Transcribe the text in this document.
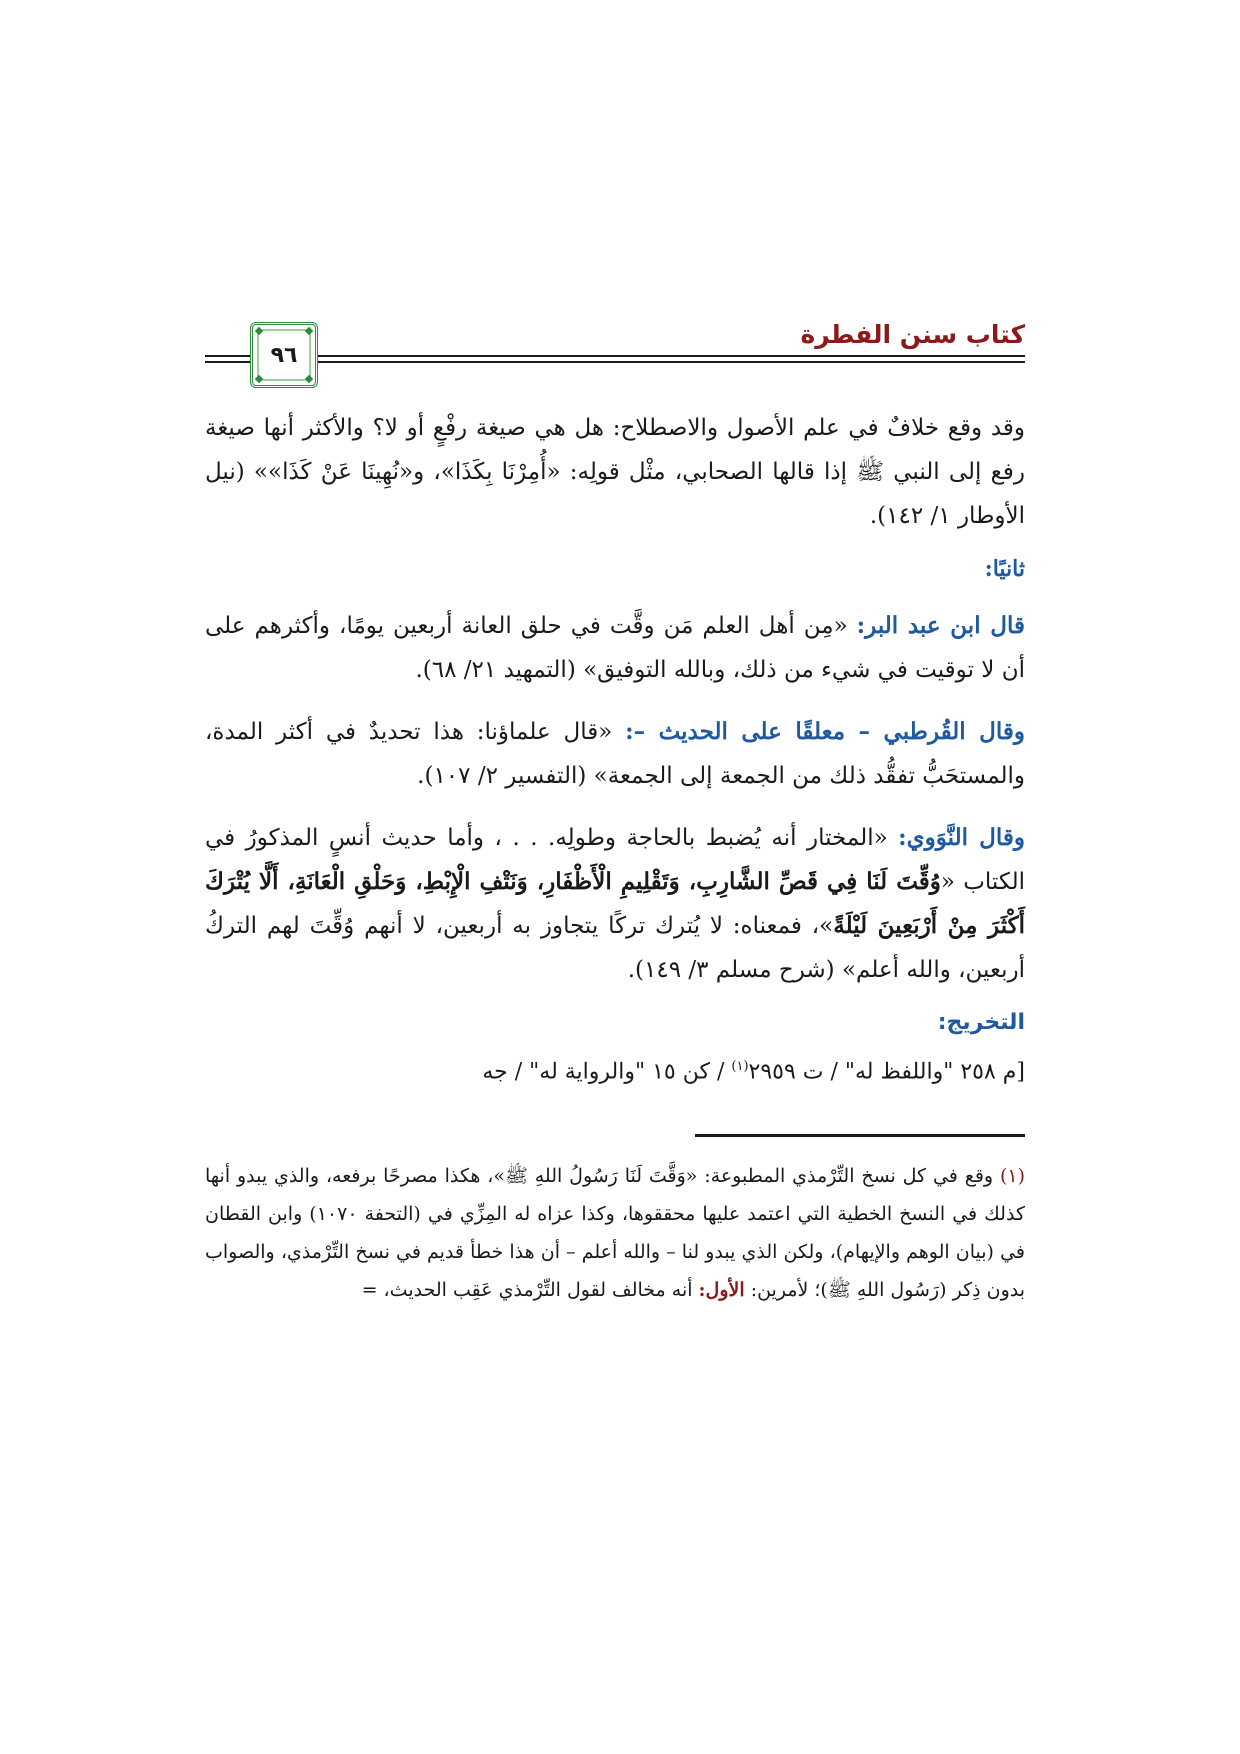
كتاب سنن الفطرة
٩٦

وقد وقع خلافٌ في علم الأصول والاصطلاح: هل هي صيغة رفْعٍ أو لا؟ والأكثر أنها صيغة رفع إلى النبي ﷺ إذا قالها الصحابي، مثْل قولِه: «أُمِرْنَا بِكَذَا»، و«نُهِينَا عَنْ كَذَا»» (نيل الأوطار ١/ ١٤٢).

ثانيًا:

قال ابن عبد البر: «مِن أهل العلم مَن وقَّت في حلق العانة أربعين يومًا، وأكثرهم على أن لا توقيت في شيء من ذلك، وبالله التوفيق» (التمهيد ٢١/ ٦٨).

وقال القُرطبي – معلقًا على الحديث –: «قال علماؤنا: هذا تحديدٌ في أكثر المدة، والمستحَبُّ تفقُّد ذلك من الجمعة إلى الجمعة» (التفسير ٢/ ١٠٧).

وقال النَّوَوي: «المختار أنه يُضبط بالحاجة وطولِه. . . ، وأما حديث أنسٍ المذكورُ في الكتاب «وُقِّتَ لَنَا فِي قَصِّ الشَّارِبِ، وَتَقْلِيمِ الْأَظْفَارِ، وَنَتْفِ الْإِبْطِ، وَحَلْقِ الْعَانَةِ، أَلَّا يُتْرَكَ أَكْثَرَ مِنْ أَرْبَعِينَ لَيْلَةً»، فمعناه: لا يُترك تركًا يتجاوز به أربعين، لا أنهم وُقِّتَ لهم التركُ أربعين، والله أعلم» (شرح مسلم ٣/ ١٤٩).

التخريج:

[م ٢٥٨ "واللفظ له" / ت ٢٩٥٩$^{(١)}$ / كن ١٥ "والرواية له" / جه

(١) وقع في كل نسخ التِّرْمذي المطبوعة: «وَقَّتَ لَنَا رَسُولُ اللهِ ﷺ»، هكذا مصرحًا برفعه، والذي يبدو أنها كذلك في النسخ الخطية التي اعتمد عليها محققوها، وكذا عزاه له المِزِّي في (التحفة ١٠٧٠) وابن القطان في (بيان الوهم والإيهام)، ولكن الذي يبدو لنا – والله أعلم – أن هذا خطأ قديم في نسخ التِّرْمذي، والصواب بدون ذِكر (رَسُول اللهِ ﷺ)؛ لأمرين: الأول: أنه مخالف لقول التِّرْمذي عَقِب الحديث، =
